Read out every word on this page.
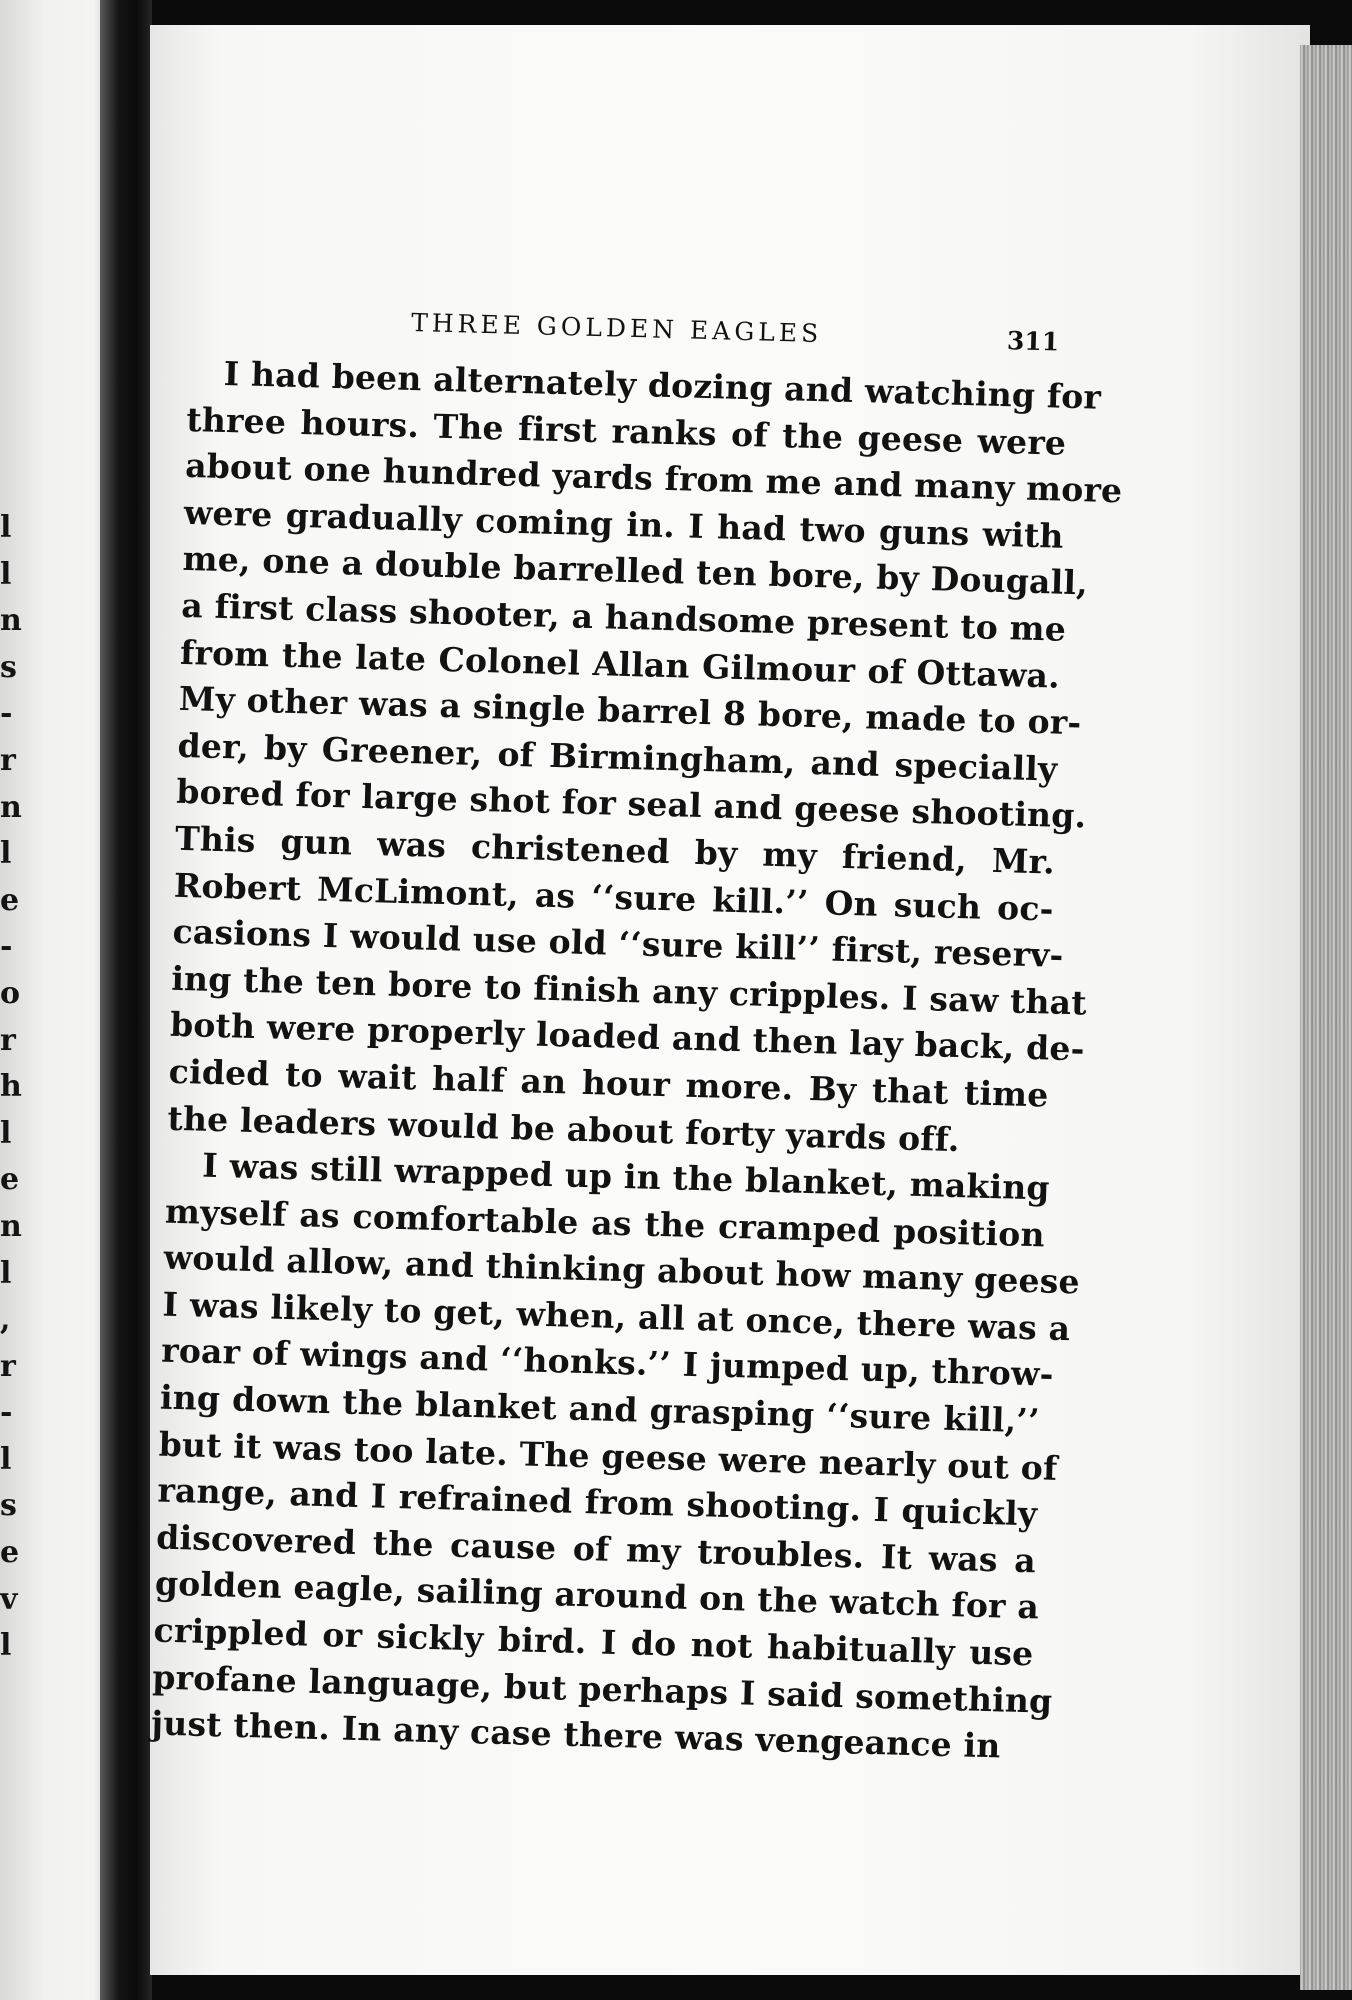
l
l
n
s
-
r
n
l
e
-
o
r
h
l
e
n
l
,
r
-
l
s
e
v
l
THREE GOLDEN EAGLES	311
I had been alternately dozing and watching for
three hours. The first ranks of the geese were
about one hundred yards from me and many more
were gradually coming in. I had two guns with
me, one a double barrelled ten bore, by Dougall,
a first class shooter, a handsome present to me
from the late Colonel Allan Gilmour of Ottawa.
My other was a single barrel 8 bore, made to or-
der, by Greener, of Birmingham, and specially
bored for large shot for seal and geese shooting.
This gun was christened by my friend, Mr.
Robert McLimont, as ‘‘sure kill.’’ On such oc-
casions I would use old ‘‘sure kill’’ first, reserv-
ing the ten bore to finish any cripples. I saw that
both were properly loaded and then lay back, de-
cided to wait half an hour more. By that time
the leaders would be about forty yards off.
I was still wrapped up in the blanket, making
myself as comfortable as the cramped position
would allow, and thinking about how many geese
I was likely to get, when, all at once, there was a
roar of wings and ‘‘honks.’’ I jumped up, throw-
ing down the blanket and grasping ‘‘sure kill,’’
but it was too late. The geese were nearly out of
range, and I refrained from shooting. I quickly
discovered the cause of my troubles. It was a
golden eagle, sailing around on the watch for a
crippled or sickly bird. I do not habitually use
profane language, but perhaps I said something
just then. In any case there was vengeance in
